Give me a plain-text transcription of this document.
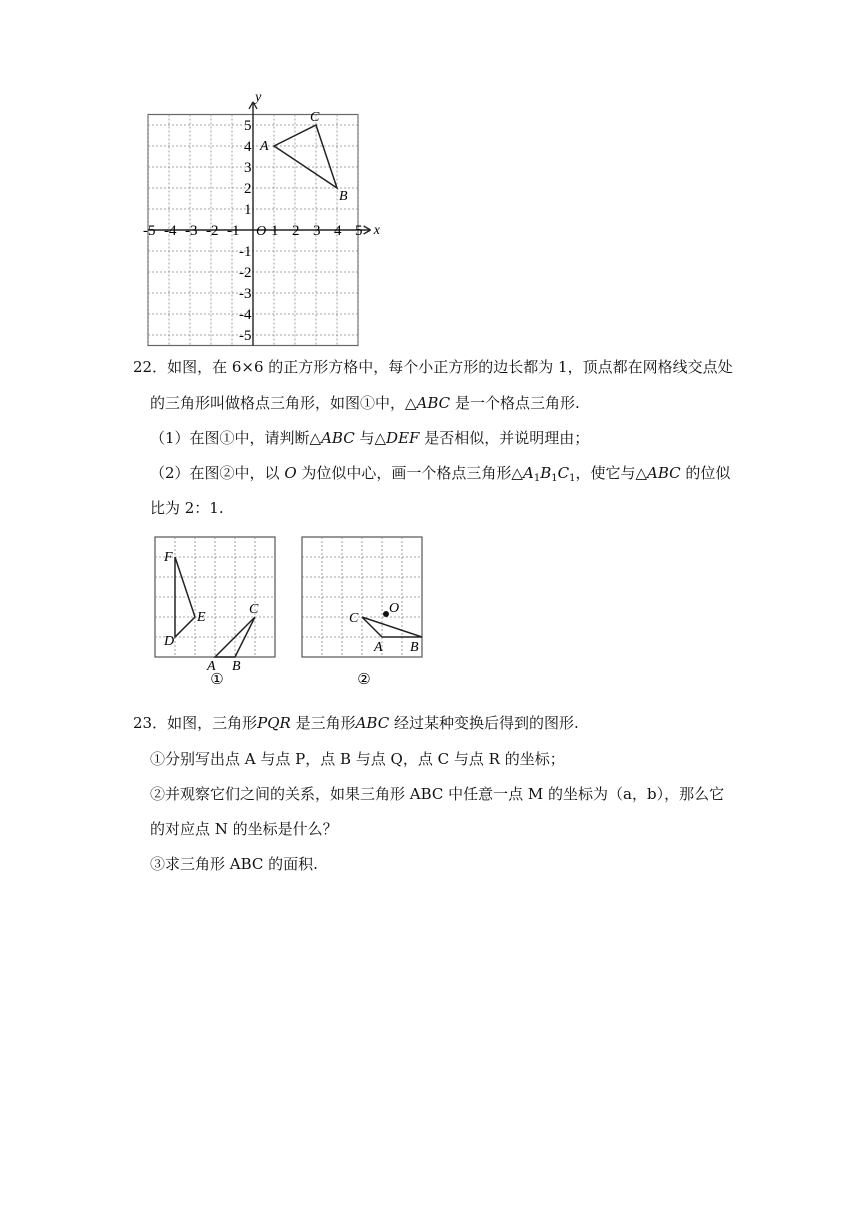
x
y
O
-5 -4 -3 -2 -1 1 2 3 4 5
5
4
3
2
1
-1
-2
-3
-4
-5
A
C
B
22．如图，在 6×6 的正方形方格中，每个小正方形的边长都为 1，顶点都在网格线交点处
的三角形叫做格点三角形，如图①中，△ABC 是一个格点三角形.
（1）在图①中，请判断△ABC 与△DEF 是否相似，并说明理由；
（2）在图②中，以 O 为位似中心，画一个格点三角形$\triangle A_1B_1C_1$，使它与△ABC 的位似
比为 2：1.
F
E
D
A B
C
①
C
O
A B
②
23．如图，三角形PQR 是三角形ABC 经过某种变换后得到的图形.
①分别写出点 A 与点 P，点 B 与点 Q，点 C 与点 R 的坐标；
②并观察它们之间的关系，如果三角形 ABC 中任意一点 M 的坐标为（a，b），那么它
的对应点 N 的坐标是什么？
③求三角形 ABC 的面积.
